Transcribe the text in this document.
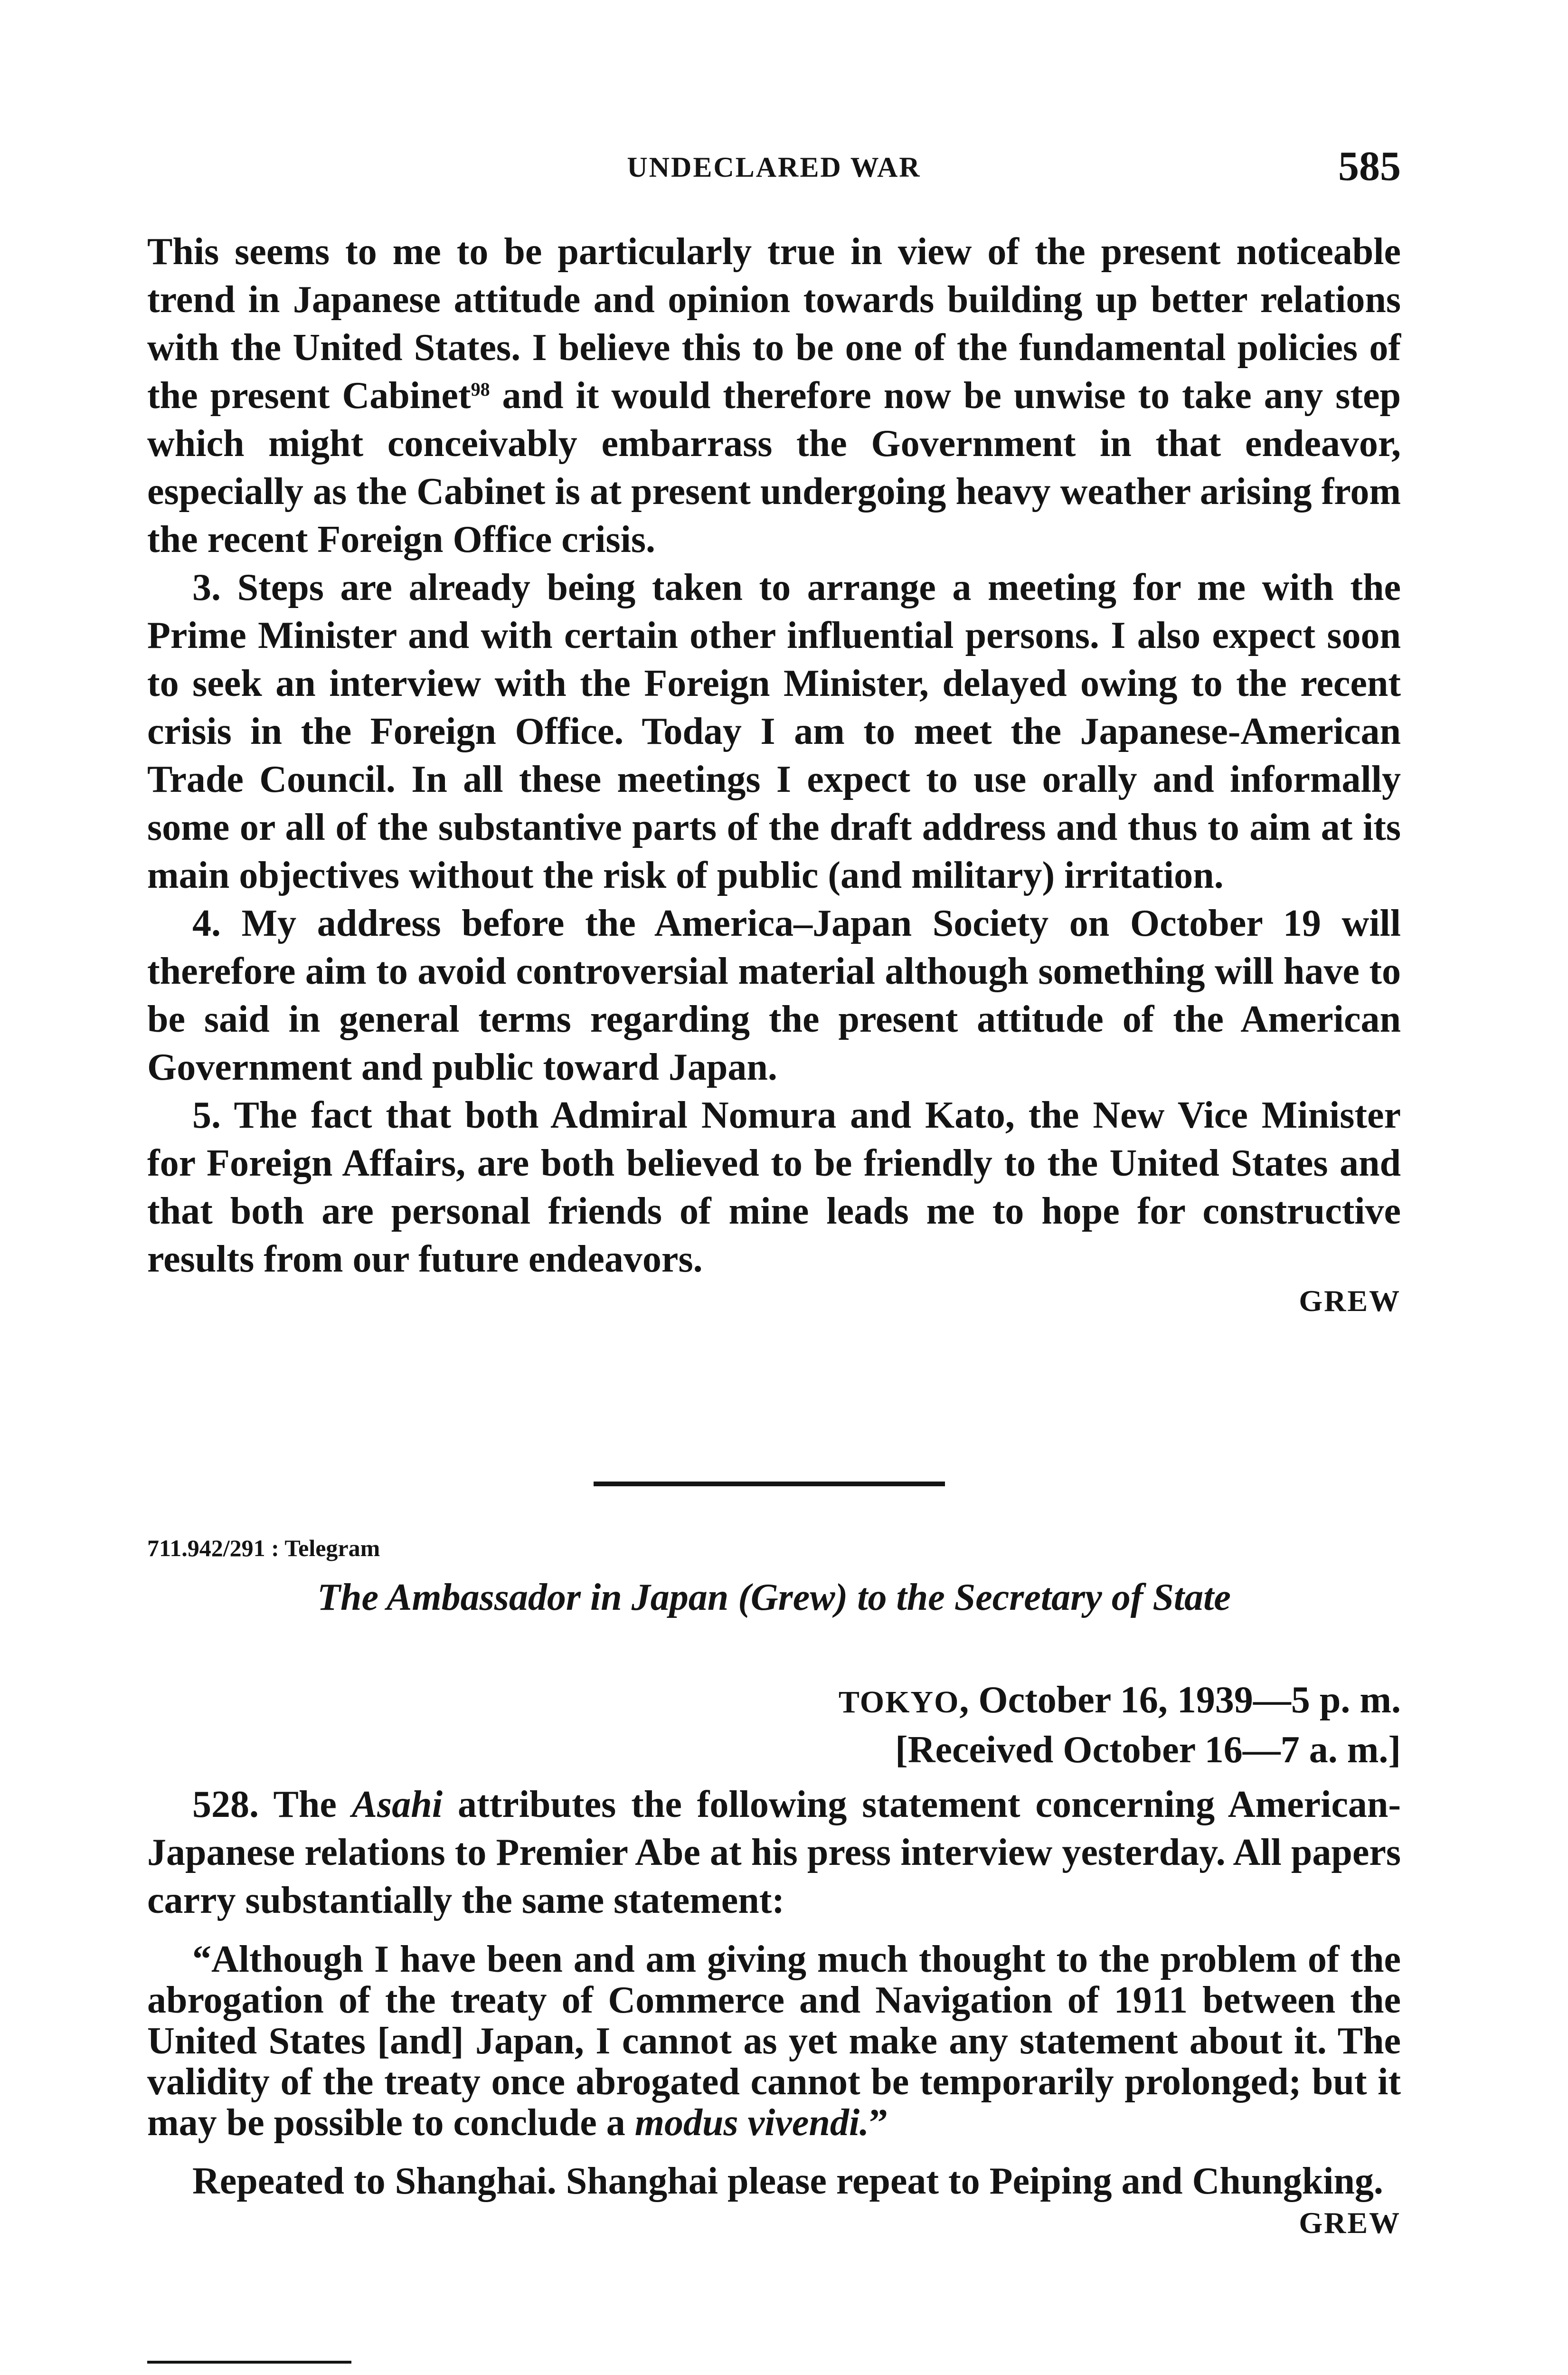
UNDECLARED WAR	585

This seems to me to be particularly true in view of the present noticeable trend in Japanese attitude and opinion towards building up better relations with the United States. I believe this to be one of the fundamental policies of the present Cabinet$^{98}$ and it would therefore now be unwise to take any step which might conceivably embarrass the Government in that endeavor, especially as the Cabinet is at present undergoing heavy weather arising from the recent Foreign Office crisis.

3. Steps are already being taken to arrange a meeting for me with the Prime Minister and with certain other influential persons. I also expect soon to seek an interview with the Foreign Minister, delayed owing to the recent crisis in the Foreign Office. Today I am to meet the Japanese-American Trade Council. In all these meetings I expect to use orally and informally some or all of the substantive parts of the draft address and thus to aim at its main objectives without the risk of public (and military) irritation.

4. My address before the America–Japan Society on October 19 will therefore aim to avoid controversial material although something will have to be said in general terms regarding the present attitude of the American Government and public toward Japan.

5. The fact that both Admiral Nomura and Kato, the New Vice Minister for Foreign Affairs, are both believed to be friendly to the United States and that both are personal friends of mine leads me to hope for constructive results from our future endeavors.

GREW

711.942/291 : Telegram

The Ambassador in Japan (Grew) to the Secretary of State

TOKYO, October 16, 1939—5 p. m.

[Received October 16—7 a. m.]

528. The Asahi attributes the following statement concerning American-Japanese relations to Premier Abe at his press interview yesterday. All papers carry substantially the same statement:

“Although I have been and am giving much thought to the problem of the abrogation of the treaty of Commerce and Navigation of 1911 between the United States [and] Japan, I cannot as yet make any statement about it. The validity of the treaty once abrogated cannot be temporarily prolonged; but it may be possible to conclude a modus vivendi.”

Repeated to Shanghai. Shanghai please repeat to Peiping and Chungking.

GREW
